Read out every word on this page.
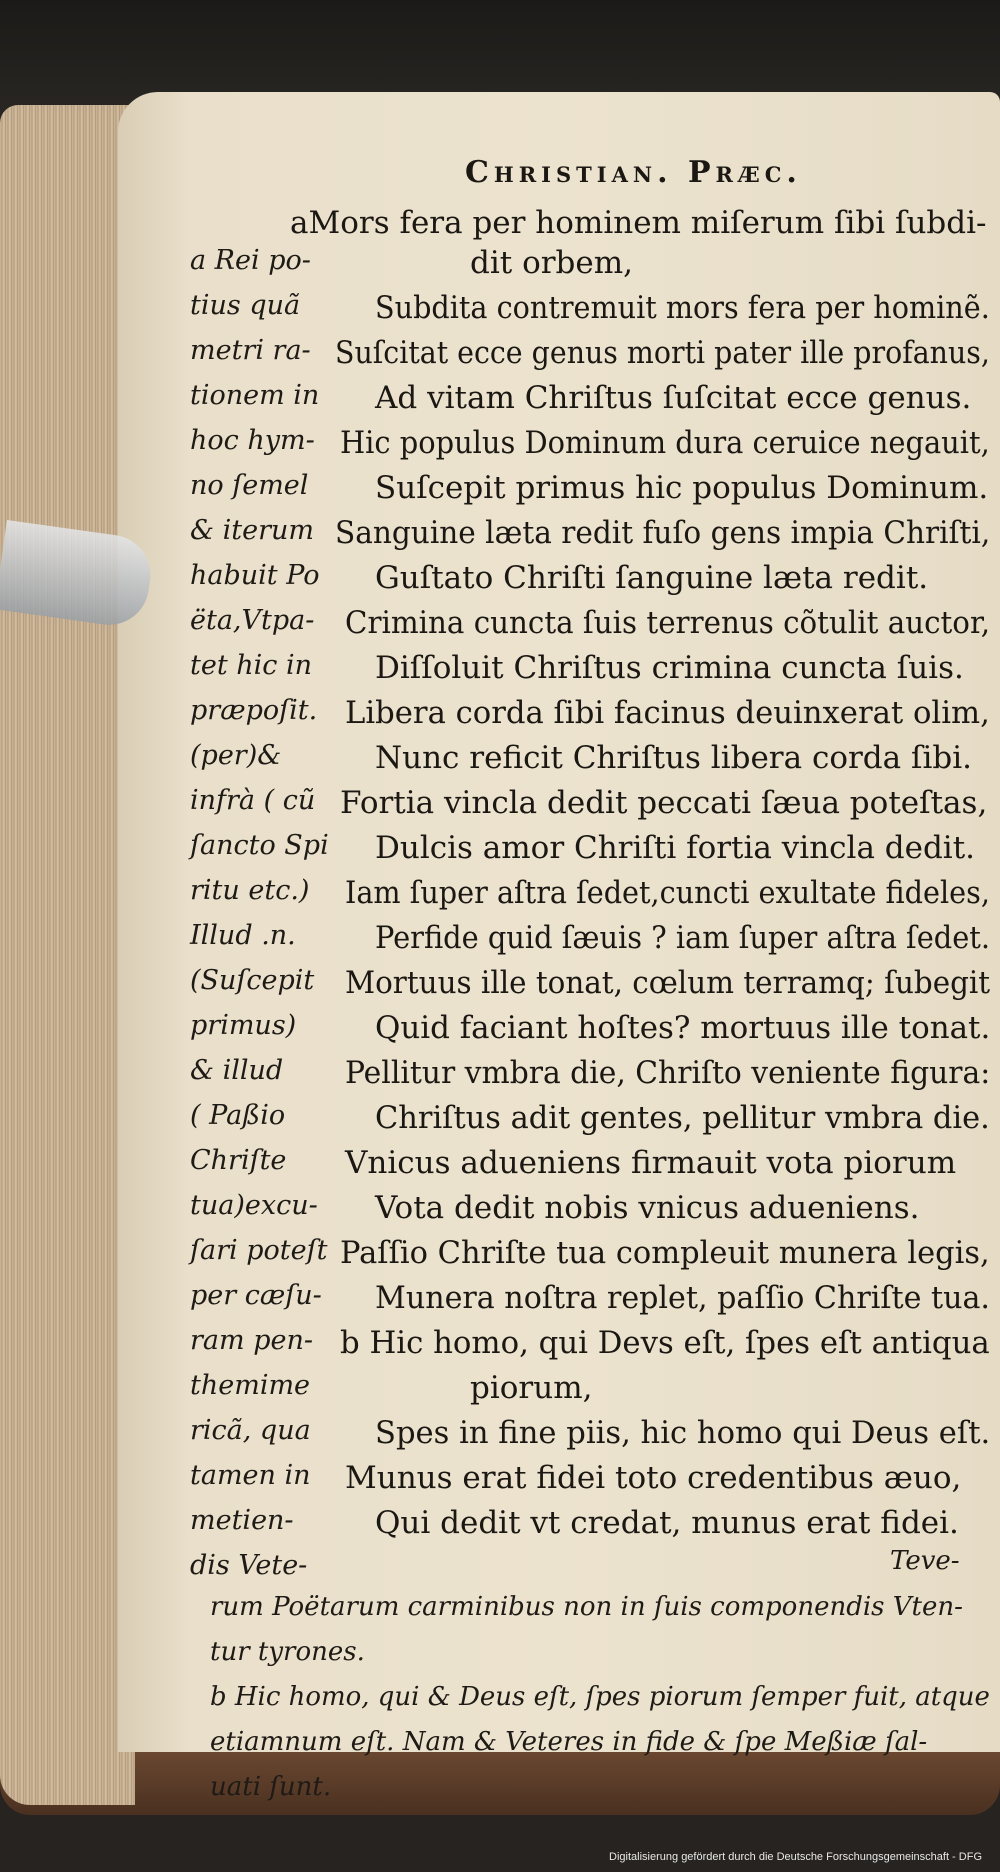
Christian. Præc.

a Rei po-

tius quã

metri ra-

tionem in

hoc hym-

no ſemel

& iterum

habuit Po

ëta,Vtpa-

tet hic in

præpoſit.

(per)&

infrà ( cũ

ſancto Spi

ritu etc.)

Illud .n.

(Suſcepit

primus)

& illud

( Paßio

Chriſte

tua)excu-

ſari poteſt

per cæſu-

ram pen-

themime

ricã, qua

tamen in

metien-

dis Vete-

aMors fera per hominem miſerum ſibi ſubdi-

dit orbem,

Subdita contremuit mors fera per hominẽ.

Suſcitat ecce genus morti pater ille profanus,

Ad vitam Chriſtus ſuſcitat ecce genus.

Hic populus Dominum dura ceruice negauit,

Suſcepit primus hic populus Dominum.

Sanguine læta redit fuſo gens impia Chriſti,

Guſtato Chriſti ſanguine læta redit.

Crimina cuncta ſuis terrenus cõtulit auctor,

Diſſoluit Chriſtus crimina cuncta ſuis.

Libera corda ſibi facinus deuinxerat olim,

Nunc reficit Chriſtus libera corda ſibi.

Fortia vincla dedit peccati ſæua poteſtas,

Dulcis amor Chriſti fortia vincla dedit.

Iam ſuper aſtra ſedet,cuncti exultate fideles,

Perfide quid ſæuis ? iam ſuper aſtra ſedet.

Mortuus ille tonat, cœlum terramq; ſubegit

Quid faciant hoſtes? mortuus ille tonat.

Pellitur vmbra die, Chriſto veniente figura:

Chriſtus adit gentes, pellitur vmbra die.

Vnicus adueniens firmauit vota piorum

Vota dedit nobis vnicus adueniens.

Paſſio Chriſte tua compleuit munera legis,

Munera noſtra replet, paſſio Chriſte tua.

b Hic homo, qui Devs eſt, ſpes eſt antiqua

piorum,

Spes in fine piis, hic homo qui Deus eſt.

Munus erat fidei toto credentibus æuo,

Qui dedit vt credat, munus erat fidei.

Teve-

rum Poëtarum carminibus non in ſuis componendis Vten-

tur tyrones.

b Hic homo, qui & Deus eſt, ſpes piorum ſemper fuit, atque

etiamnum eſt. Nam & Veteres in fide & ſpe Meßiæ ſal-

uati ſunt.

Digitalisierung gefördert durch die Deutsche Forschungsgemeinschaft - DFG
